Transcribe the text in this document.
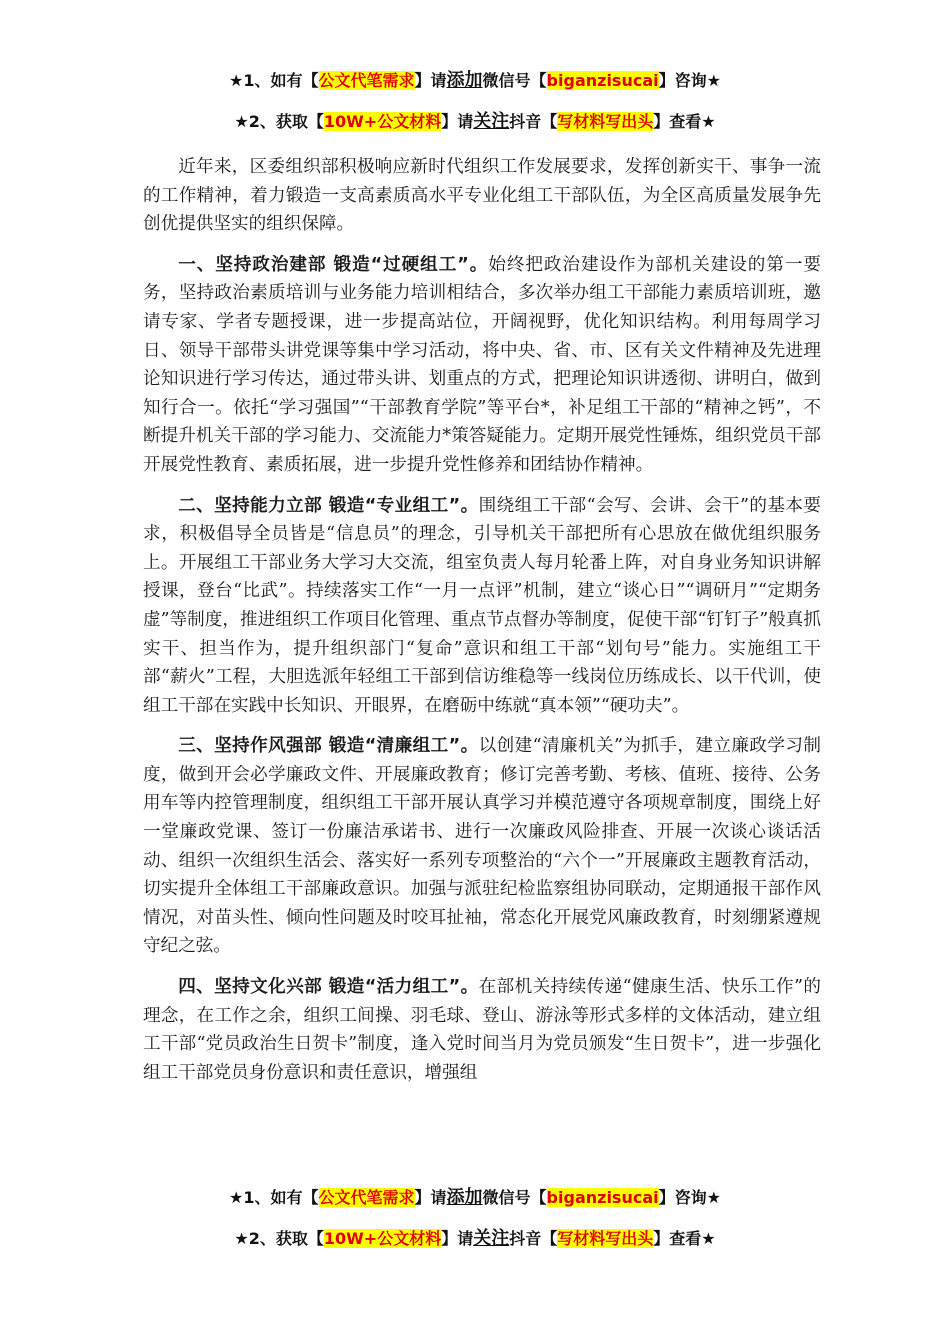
★1、如有【公文代笔需求】请添加微信号【biganzisucai】咨询★
★2、获取【10W+公文材料】请关注抖音【写材料写出头】查看★

近年来，区委组织部积极响应新时代组织工作发展要求，发挥创新实干、事争一流的工作精神，着力锻造一支高素质高水平专业化组工干部队伍，为全区高质量发展争先创优提供坚实的组织保障。

一、坚持政治建部 锻造“过硬组工”。始终把政治建设作为部机关建设的第一要务，坚持政治素质培训与业务能力培训相结合，多次举办组工干部能力素质培训班，邀请专家、学者专题授课，进一步提高站位，开阔视野，优化知识结构。利用每周学习日、领导干部带头讲党课等集中学习活动，将中央、省、市、区有关文件精神及先进理论知识进行学习传达，通过带头讲、划重点的方式，把理论知识讲透彻、讲明白，做到知行合一。依托“学习强国”“干部教育学院”等平台*，补足组工干部的“精神之钙”，不断提升机关干部的学习能力、交流能力*策答疑能力。定期开展党性锤炼，组织党员干部开展党性教育、素质拓展，进一步提升党性修养和团结协作精神。

二、坚持能力立部 锻造“专业组工”。围绕组工干部“会写、会讲、会干”的基本要求，积极倡导全员皆是“信息员”的理念，引导机关干部把所有心思放在做优组织服务上。开展组工干部业务大学习大交流，组室负责人每月轮番上阵，对自身业务知识讲解授课，登台“比武”。持续落实工作“一月一点评”机制，建立“谈心日”“调研月”“定期务虚”等制度，推进组织工作项目化管理、重点节点督办等制度，促使干部“钉钉子”般真抓实干、担当作为，提升组织部门“复命”意识和组工干部“划句号”能力。实施组工干部“薪火”工程，大胆选派年轻组工干部到信访维稳等一线岗位历练成长、以干代训，使组工干部在实践中长知识、开眼界，在磨砺中练就“真本领”“硬功夫”。

三、坚持作风强部 锻造“清廉组工”。以创建“清廉机关”为抓手，建立廉政学习制度，做到开会必学廉政文件、开展廉政教育；修订完善考勤、考核、值班、接待、公务用车等内控管理制度，组织组工干部开展认真学习并模范遵守各项规章制度，围绕上好一堂廉政党课、签订一份廉洁承诺书、进行一次廉政风险排查、开展一次谈心谈话活动、组织一次组织生活会、落实好一系列专项整治的“六个一”开展廉政主题教育活动，切实提升全体组工干部廉政意识。加强与派驻纪检监察组协同联动，定期通报干部作风情况，对苗头性、倾向性问题及时咬耳扯袖，常态化开展党风廉政教育，时刻绷紧遵规守纪之弦。

四、坚持文化兴部 锻造“活力组工”。在部机关持续传递“健康生活、快乐工作”的理念，在工作之余，组织工间操、羽毛球、登山、游泳等形式多样的文体活动，建立组工干部“党员政治生日贺卡”制度，逢入党时间当月为党员颁发“生日贺卡”，进一步强化组工干部党员身份意识和责任意识，增强组

★1、如有【公文代笔需求】请添加微信号【biganzisucai】咨询★
★2、获取【10W+公文材料】请关注抖音【写材料写出头】查看★
